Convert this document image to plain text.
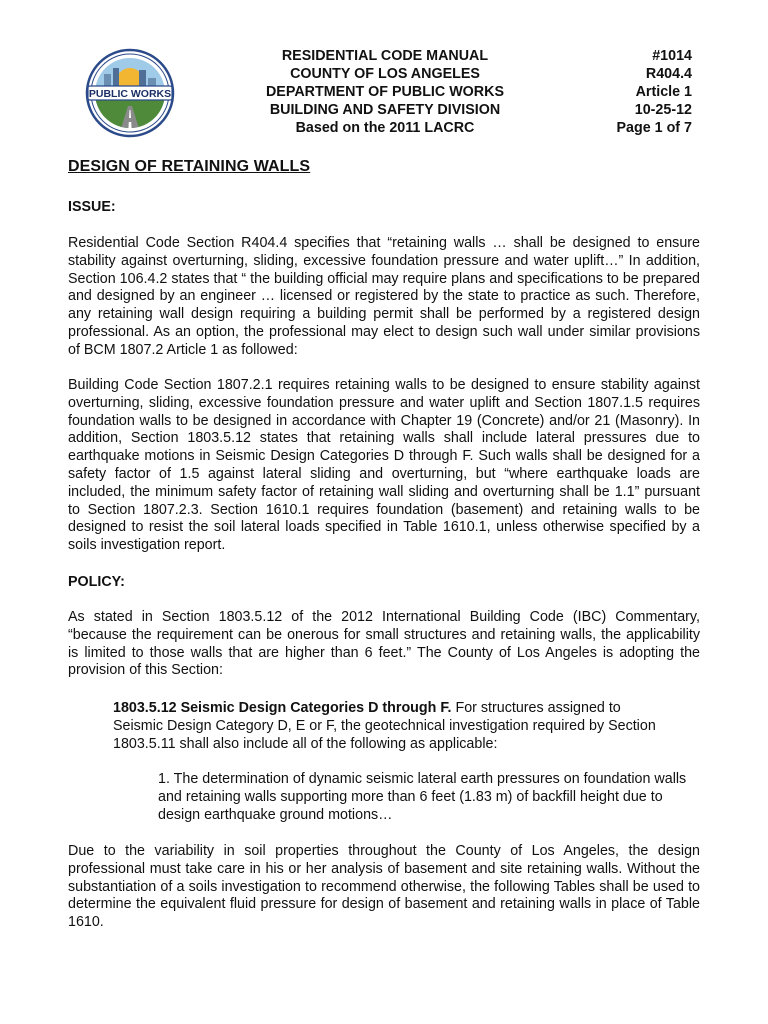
PUBLIC WORKS
RESIDENTIAL CODE MANUAL
COUNTY OF LOS ANGELES
DEPARTMENT OF PUBLIC WORKS
BUILDING AND SAFETY DIVISION
Based on the 2011 LACRC
#1014
R404.4
Article 1
10-25-12
Page 1 of 7
DESIGN OF RETAINING WALLS
ISSUE:

Residential Code Section R404.4 specifies that “retaining walls … shall be designed to ensure stability against overturning, sliding, excessive foundation pressure and water uplift…” In addition, Section 106.4.2 states that “ the building official may require plans and specifications to be prepared and designed by an engineer … licensed or registered by the state to practice as such. Therefore, any retaining wall design requiring a building permit shall be performed by a registered design professional. As an option, the professional may elect to design such wall under similar provisions of BCM 1807.2 Article 1 as followed:

Building Code Section 1807.2.1 requires retaining walls to be designed to ensure stability against overturning, sliding, excessive foundation pressure and water uplift and Section 1807.1.5 requires foundation walls to be designed in accordance with Chapter 19 (Concrete) and/or 21 (Masonry). In addition, Section 1803.5.12 states that retaining walls shall include lateral pressures due to earthquake motions in Seismic Design Categories D through F. Such walls shall be designed for a safety factor of 1.5 against lateral sliding and overturning, but “where earthquake loads are included, the minimum safety factor of retaining wall sliding and overturning shall be 1.1” pursuant to Section 1807.2.3. Section 1610.1 requires foundation (basement) and retaining walls to be designed to resist the soil lateral loads specified in Table 1610.1, unless otherwise specified by a soils investigation report.

POLICY:

As stated in Section 1803.5.12 of the 2012 International Building Code (IBC) Commentary, “because the requirement can be onerous for small structures and retaining walls, the applicability is limited to those walls that are higher than 6 feet.” The County of Los Angeles is adopting the provision of this Section:

1803.5.12 Seismic Design Categories D through F. For structures assigned to Seismic Design Category D, E or F, the geotechnical investigation required by Section 1803.5.11 shall also include all of the following as applicable:
1. The determination of dynamic seismic lateral earth pressures on foundation walls and retaining walls supporting more than 6 feet (1.83 m) of backfill height due to design earthquake ground motions…

Due to the variability in soil properties throughout the County of Los Angeles, the design professional must take care in his or her analysis of basement and site retaining walls. Without the substantiation of a soils investigation to recommend otherwise, the following Tables shall be used to determine the equivalent fluid pressure for design of basement and retaining walls in place of Table 1610.
